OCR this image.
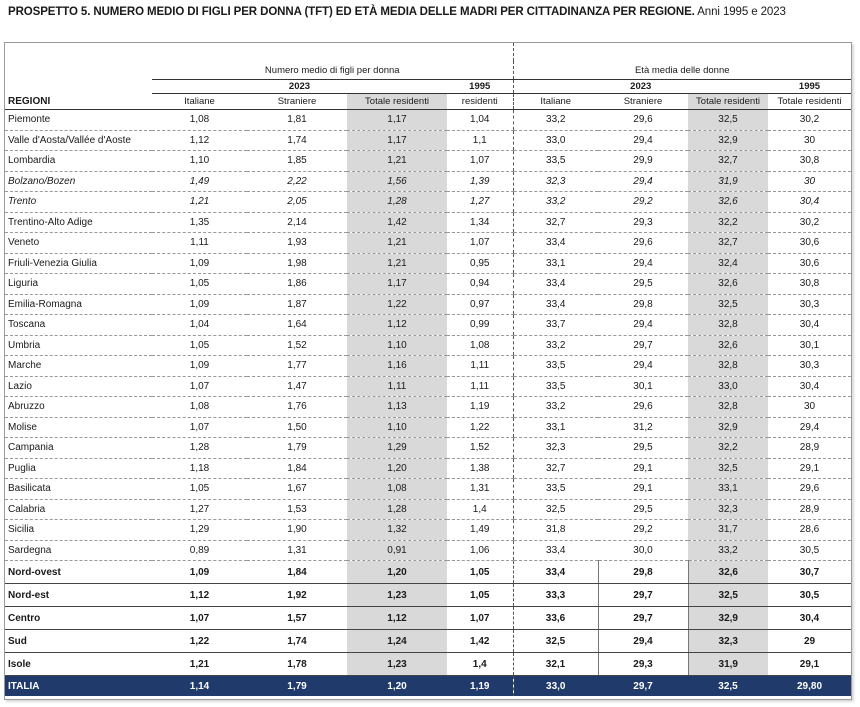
PROSPETTO 5. NUMERO MEDIO DI FIGLI PER DONNA (TFT) ED ETÀ MEDIA DELLE MADRI PER CITTADINANZA PER REGIONE. Anni 1995 e 2023

	Numero medio di figli per donna				Età media delle donne			
	2023			1995	2023			1995
REGIONI	Italiane	Straniere	Totale residenti	residenti	Italiane	Straniere	Totale residenti	Totale residenti
Piemonte	1,08	1,81	1,17	1,04	33,2	29,6	32,5	30,2
Valle d'Aosta/Vallée d'Aoste	1,12	1,74	1,17	1,1	33,0	29,4	32,9	30
Lombardia	1,10	1,85	1,21	1,07	33,5	29,9	32,7	30,8
Bolzano/Bozen	1,49	2,22	1,56	1,39	32,3	29,4	31,9	30
Trento	1,21	2,05	1,28	1,27	33,2	29,2	32,6	30,4
Trentino-Alto Adige	1,35	2,14	1,42	1,34	32,7	29,3	32,2	30,2
Veneto	1,11	1,93	1,21	1,07	33,4	29,6	32,7	30,6
Friuli-Venezia Giulia	1,09	1,98	1,21	0,95	33,1	29,4	32,4	30,6
Liguria	1,05	1,86	1,17	0,94	33,4	29,5	32,6	30,8
Emilia-Romagna	1,09	1,87	1,22	0,97	33,4	29,8	32,5	30,3
Toscana	1,04	1,64	1,12	0,99	33,7	29,4	32,8	30,4
Umbria	1,05	1,52	1,10	1,08	33,2	29,7	32,6	30,1
Marche	1,09	1,77	1,16	1,11	33,5	29,4	32,8	30,3
Lazio	1,07	1,47	1,11	1,11	33,5	30,1	33,0	30,4
Abruzzo	1,08	1,76	1,13	1,19	33,2	29,6	32,8	30
Molise	1,07	1,50	1,10	1,22	33,1	31,2	32,9	29,4
Campania	1,28	1,79	1,29	1,52	32,3	29,5	32,2	28,9
Puglia	1,18	1,84	1,20	1,38	32,7	29,1	32,5	29,1
Basilicata	1,05	1,67	1,08	1,31	33,5	29,1	33,1	29,6
Calabria	1,27	1,53	1,28	1,4	32,5	29,5	32,3	28,9
Sicilia	1,29	1,90	1,32	1,49	31,8	29,2	31,7	28,6
Sardegna	0,89	1,31	0,91	1,06	33,4	30,0	33,2	30,5
Nord-ovest	1,09	1,84	1,20	1,05	33,4	29,8	32,6	30,7
Nord-est	1,12	1,92	1,23	1,05	33,3	29,7	32,5	30,5
Centro	1,07	1,57	1,12	1,07	33,6	29,7	32,9	30,4
Sud	1,22	1,74	1,24	1,42	32,5	29,4	32,3	29
Isole	1,21	1,78	1,23	1,4	32,1	29,3	31,9	29,1
ITALIA	1,14	1,79	1,20	1,19	33,0	29,7	32,5	29,80
